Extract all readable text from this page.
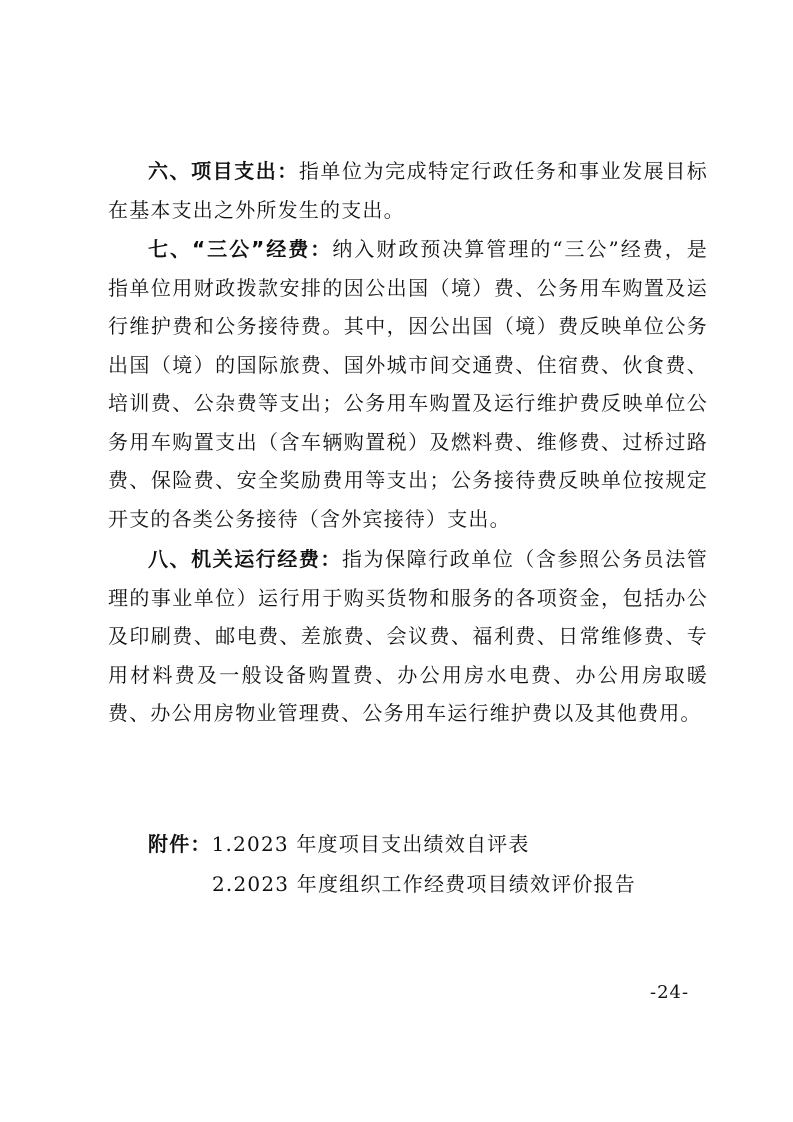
六、项目支出：指单位为完成特定行政任务和事业发展目标在基本支出之外所发生的支出。

七、“三公”经费：纳入财政预决算管理的“三公”经费，是指单位用财政拨款安排的因公出国（境）费、公务用车购置及运行维护费和公务接待费。其中，因公出国（境）费反映单位公务出国（境）的国际旅费、国外城市间交通费、住宿费、伙食费、培训费、公杂费等支出；公务用车购置及运行维护费反映单位公务用车购置支出（含车辆购置税）及燃料费、维修费、过桥过路费、保险费、安全奖励费用等支出；公务接待费反映单位按规定开支的各类公务接待（含外宾接待）支出。

八、机关运行经费：指为保障行政单位（含参照公务员法管理的事业单位）运行用于购买货物和服务的各项资金，包括办公及印刷费、邮电费、差旅费、会议费、福利费、日常维修费、专用材料费及一般设备购置费、办公用房水电费、办公用房取暖费、办公用房物业管理费、公务用车运行维护费以及其他费用。

附件：1.2023 年度项目支出绩效自评表
2.2023 年度组织工作经费项目绩效评价报告
-24-
